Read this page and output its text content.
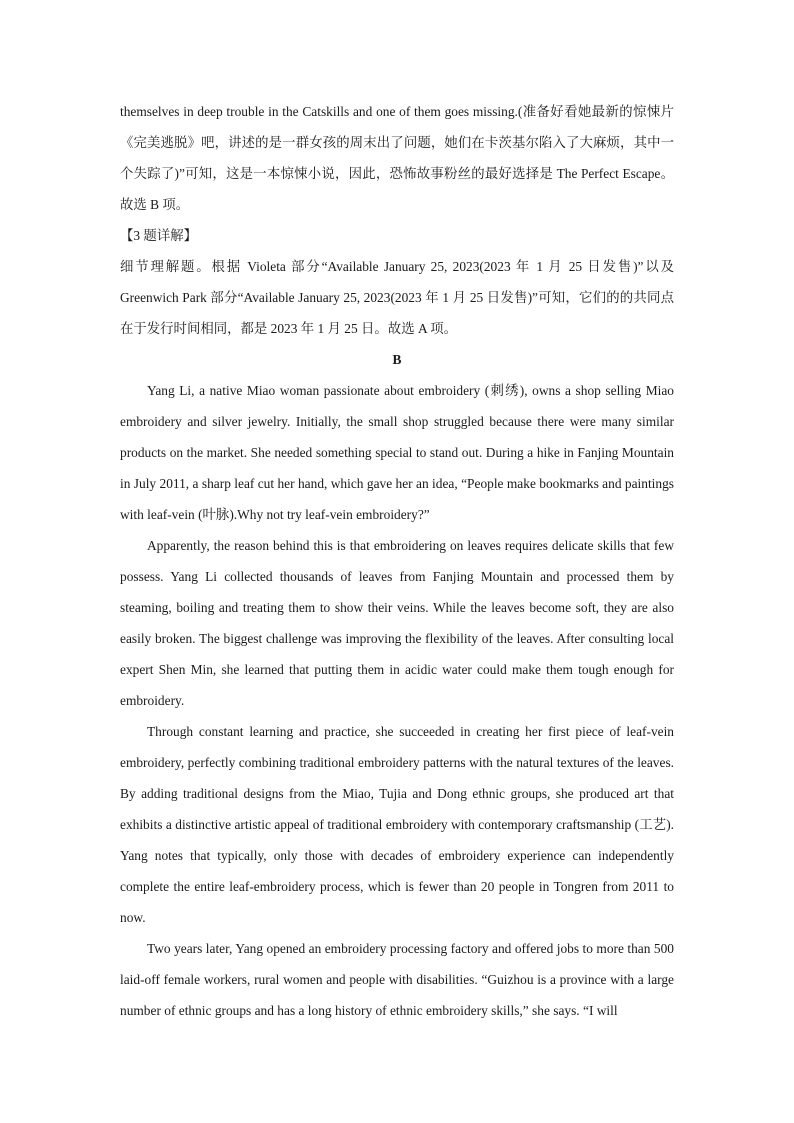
themselves in deep trouble in the Catskills and one of them goes missing.(准备好看她最新的惊悚片《完美逃脱》吧，讲述的是一群女孩的周末出了问题，她们在卡茨基尔陷入了大麻烦，其中一个失踪了)”可知，这是一本惊悚小说，因此，恐怖故事粉丝的最好选择是 The Perfect Escape。故选 B 项。

【3 题详解】

细节理解题。根据 Violeta 部分“Available January 25, 2023(2023 年 1 月 25 日发售)”以及 Greenwich Park 部分“Available January 25, 2023(2023 年 1 月 25 日发售)”可知，它们的的共同点在于发行时间相同，都是 2023 年 1 月 25 日。故选 A 项。

B

Yang Li, a native Miao woman passionate about embroidery (刺绣), owns a shop selling Miao embroidery and silver jewelry. Initially, the small shop struggled because there were many similar products on the market. She needed something special to stand out. During a hike in Fanjing Mountain in July 2011, a sharp leaf cut her hand, which gave her an idea, “People make bookmarks and paintings with leaf-vein (叶脉).Why not try leaf-vein embroidery?”

Apparently, the reason behind this is that embroidering on leaves requires delicate skills that few possess. Yang Li collected thousands of leaves from Fanjing Mountain and processed them by steaming, boiling and treating them to show their veins. While the leaves become soft, they are also easily broken. The biggest challenge was improving the flexibility of the leaves. After consulting local expert Shen Min, she learned that putting them in acidic water could make them tough enough for embroidery.

Through constant learning and practice, she succeeded in creating her first piece of leaf-vein embroidery, perfectly combining traditional embroidery patterns with the natural textures of the leaves. By adding traditional designs from the Miao, Tujia and Dong ethnic groups, she produced art that exhibits a distinctive artistic appeal of traditional embroidery with contemporary craftsmanship (工艺). Yang notes that typically, only those with decades of embroidery experience can independently complete the entire leaf-embroidery process, which is fewer than 20 people in Tongren from 2011 to now.

Two years later, Yang opened an embroidery processing factory and offered jobs to more than 500 laid-off female workers, rural women and people with disabilities. “Guizhou is a province with a large number of ethnic groups and has a long history of ethnic embroidery skills,” she says. “I will
